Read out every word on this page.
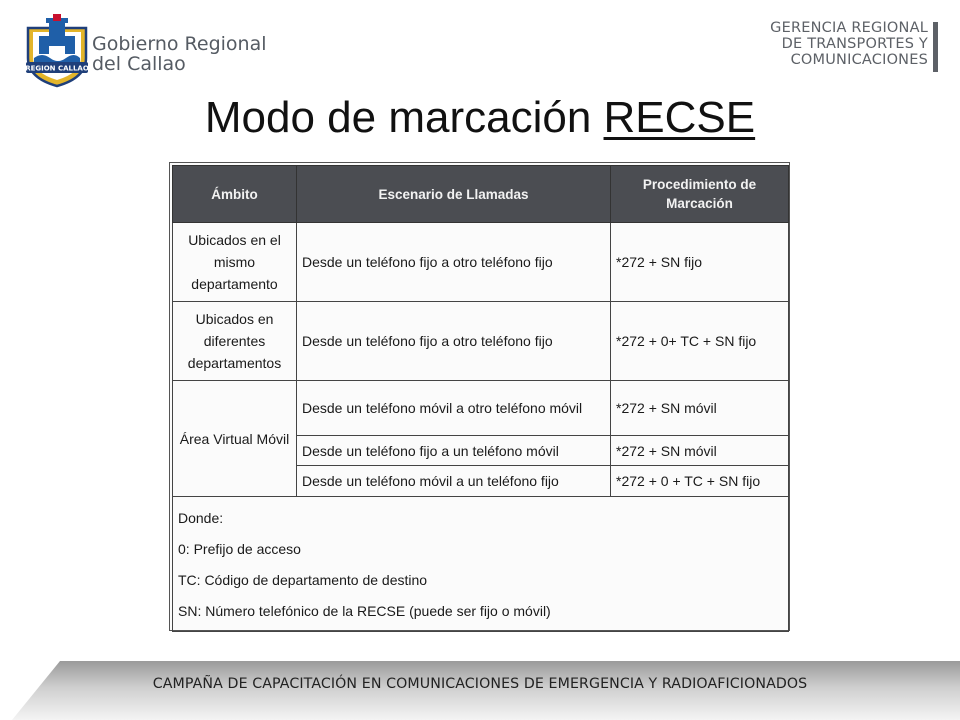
REGION CALLAO
Gobierno Regional
del Callao
GERENCIA REGIONAL
DE TRANSPORTES Y
COMUNICACIONES
Modo de marcación RECSE
Ámbito	Escenario de Llamadas	Procedimiento de
Marcación

Ubicados en el mismo departamento	Desde un teléfono fijo a otro teléfono fijo	*272 + SN fijo
Ubicados en diferentes departamentos	Desde un teléfono fijo a otro teléfono fijo	*272 + 0+ TC + SN fijo
Área Virtual Móvil	Desde un teléfono móvil a otro teléfono móvil	*272 + SN móvil
	Desde un teléfono fijo a un teléfono móvil	*272 + SN móvil
	Desde un teléfono móvil a un teléfono fijo	*272 + 0 + TC + SN fijo

Donde:
0: Prefijo de acceso
TC: Código de departamento de destino
SN: Número telefónico de la RECSE (puede ser fijo o móvil)		
CAMPAÑA DE CAPACITACIÓN EN COMUNICACIONES DE EMERGENCIA Y RADIOAFICIONADOS
